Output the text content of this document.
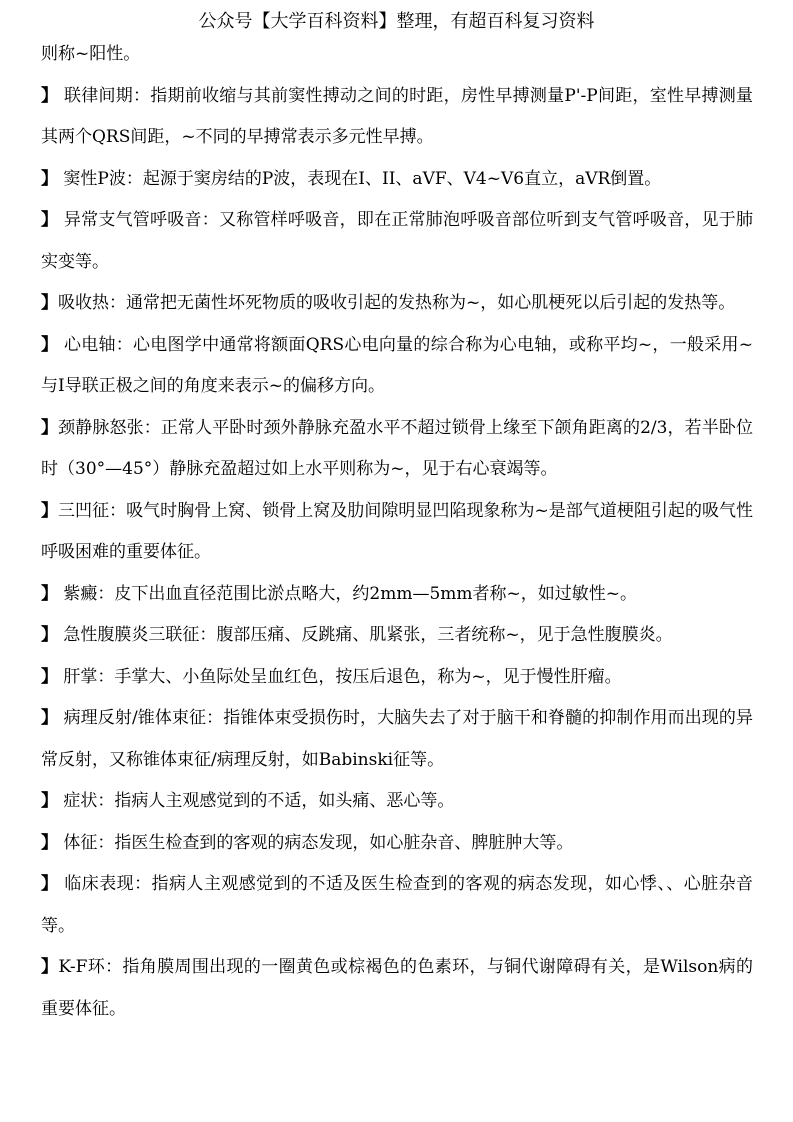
公众号【大学百科资料】整理，有超百科复习资料

则称~阳性。

】 联律间期：指期前收缩与其前窦性搏动之间的时距，房性早搏测量P'-P间距，室性早搏测量其两个QRS间距，~不同的早搏常表示多元性早搏。

】 窦性P波：起源于窦房结的P波，表现在I、II、aVF、V4~V6直立，aVR倒置。

】 异常支气管呼吸音：又称管样呼吸音，即在正常肺泡呼吸音部位听到支气管呼吸音，见于肺实变等。

】吸收热：通常把无菌性坏死物质的吸收引起的发热称为~，如心肌梗死以后引起的发热等。

】 心电轴：心电图学中通常将额面QRS心电向量的综合称为心电轴，或称平均~，一般采用~与I导联正极之间的角度来表示~的偏移方向。

】颈静脉怒张：正常人平卧时颈外静脉充盈水平不超过锁骨上缘至下颌角距离的2/3，若半卧位时（30°—45°）静脉充盈超过如上水平则称为~，见于右心衰竭等。

】三凹征：吸气时胸骨上窝、锁骨上窝及肋间隙明显凹陷现象称为~是部气道梗阻引起的吸气性呼吸困难的重要体征。

】 紫癜：皮下出血直径范围比淤点略大，约2mm—5mm者称~，如过敏性~。

】 急性腹膜炎三联征：腹部压痛、反跳痛、肌紧张，三者统称~，见于急性腹膜炎。

】 肝掌：手掌大、小鱼际处呈血红色，按压后退色，称为~，见于慢性肝瘤。

】 病理反射/锥体束征：指锥体束受损伤时，大脑失去了对于脑干和脊髓的抑制作用而出现的异常反射，又称锥体束征/病理反射，如Babinski征等。

】 症状：指病人主观感觉到的不适，如头痛、恶心等。

】 体征：指医生检查到的客观的病态发现，如心脏杂音、脾脏肿大等。

】 临床表现：指病人主观感觉到的不适及医生检查到的客观的病态发现，如心悸、、心脏杂音等。

】K-F环：指角膜周围出现的一圈黄色或棕褐色的色素环，与铜代谢障碍有关，是Wilson病的重要体征。
